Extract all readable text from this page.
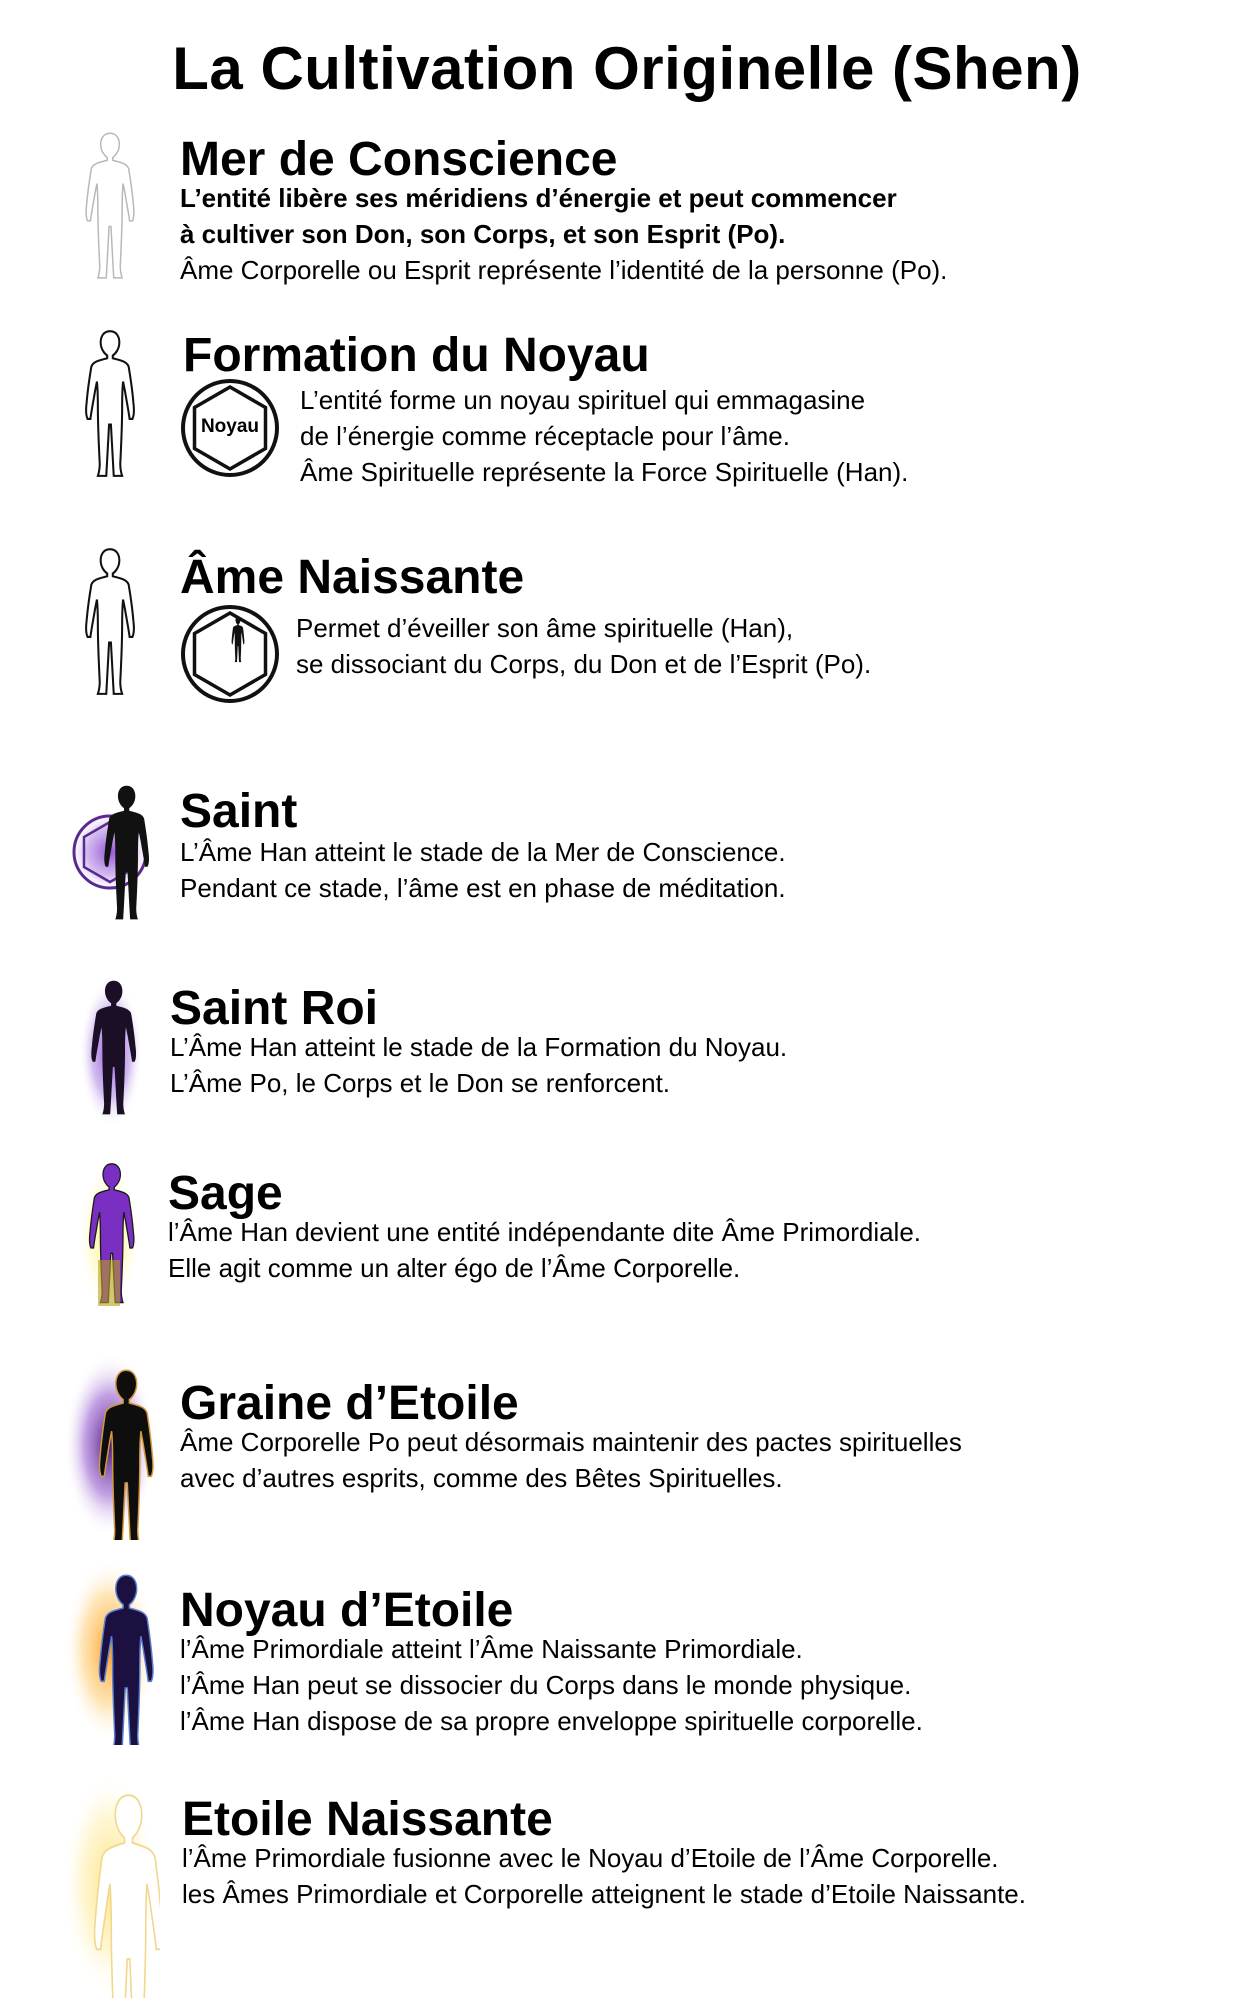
La Cultivation Originelle (Shen)
Mer de Conscience
L’entité libère ses méridiens d’énergie et peut commencer
à cultiver son Don, son Corps, et son Esprit (Po).
Âme Corporelle ou Esprit représente l’identité de la personne (Po).
Formation du Noyau
Noyau
L’entité forme un noyau spirituel qui emmagasine
de l’énergie comme réceptacle pour l’âme.
Âme Spirituelle représente la Force Spirituelle (Han).
Âme Naissante
Permet d’éveiller son âme spirituelle (Han),
se dissociant du Corps, du Don et de l’Esprit (Po).
Saint
L’Âme Han atteint le stade de la Mer de Conscience.
Pendant ce stade, l’âme est en phase de méditation.
Saint Roi
L’Âme Han atteint le stade de la Formation du Noyau.
L’Âme Po, le Corps et le Don se renforcent.
Sage
l’Âme Han devient une entité indépendante dite Âme Primordiale.
Elle agit comme un alter égo de l’Âme Corporelle.
Graine d’Etoile
Âme Corporelle Po peut désormais maintenir des pactes spirituelles
avec d’autres esprits, comme des Bêtes Spirituelles.
Noyau d’Etoile
l’Âme Primordiale atteint l’Âme Naissante Primordiale.
l’Âme Han peut se dissocier du Corps dans le monde physique.
l’Âme Han dispose de sa propre enveloppe spirituelle corporelle.
Etoile Naissante
l’Âme Primordiale fusionne avec le Noyau d’Etoile de l’Âme Corporelle.
les Âmes Primordiale et Corporelle atteignent le stade d’Etoile Naissante.
